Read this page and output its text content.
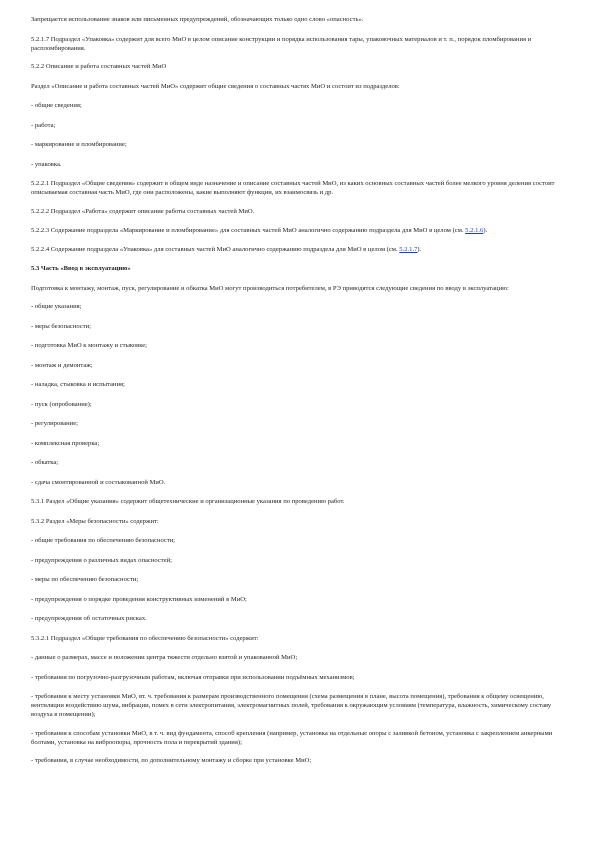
Запрещается использование знаков или письменных предупреждений, обозначающих только одно слово «опасность».

5.2.1.7 Подраздел «Упаковка» содержит для всего МиО в целом описание конструкции и порядка использования тары, упаковочных материалов и т. п., порядок пломбирования и распломбирования.

5.2.2 Описание и работа составных частей МиО

Раздел «Описание и работа составных частей МиО» содержит общие сведения о составных частях МиО и состоит из подразделов:

- общие сведения;

- работа;

- маркирование и пломбирование;

- упаковка.

5.2.2.1 Подраздел «Общие сведения» содержит в общем виде назначение и описание составных частей МиО, из каких основных составных частей более мелкого уровня деления состоит описываемая составная часть МиО, где они расположены, какие выполняют функции, их взаимосвязь и др.

5.2.2.2 Подраздел «Работа» содержит описание работы составных частей МиО.

5.2.2.3 Содержание подраздела «Маркирование и пломбирование» для составных частей МиО аналогично содержанию подраздела для МиО в целом (см. 5.2.1.6).

5.2.2.4 Содержание подраздела «Упаковка» для составных частей МиО аналогично содержанию подраздела для МиО в целом (см. 5.2.1.7).

5.3 Часть «Ввод в эксплуатацию»

Подготовка к монтажу, монтаж, пуск, регулирование и обкатка МиО могут производиться потребителем, в РЭ приводятся следующие сведения по вводу в эксплуатацию:

- общие указания;

- меры безопасности;

- подготовка МиО к монтажу и стыковке;

- монтаж и демонтаж;

- наладка, стыковка и испытания;

- пуск (опробование);

- регулирование;

- комплексная проверка;

- обкатка;

- сдача смонтированной и состыкованной МиО.

5.3.1 Раздел «Общие указания» содержит общетехнические и организационные указания по проведению работ.

5.3.2 Раздел «Меры безопасности» содержит:

- общие требования по обеспечению безопасности;

- предупреждения о различных видах опасностей;

- меры по обеспечению безопасности;

- предупреждения о порядке проведения конструктивных изменений в МиО;

- предупреждения об остаточных рисках.

5.3.2.1 Подраздел «Общие требования по обеспечению безопасности» содержит:

- данные о размерах, массе и положении центра тяжести отдельно взятой и упакованной МиО;

- требования по погрузочно-разгрузочным работам, включая отправки при использовании подъёмных механизмов;

- требования к месту установки МиО, вт. ч. требования к размерам производственного помещения (схема размещения в плане, высота помещения), требования к общему освещению, вентиляции воздействию шума, вибрации, помех в сети электропитания, электромагнитных полей, требования к окружающим условиям (температура, влажность, химическому составу воздуха в помещении);

- требования к способам установки МиО, в т. ч. вид фундамента, способ крепления (например, установка на отдельные опоры с заливкой бетоном, установка с закреплением анкерными болтами, установка на виброопоры, прочность пола и перекрытий здания);

- требования, в случае необходимости, по дополнительному монтажу и сборке при установке МиО;
